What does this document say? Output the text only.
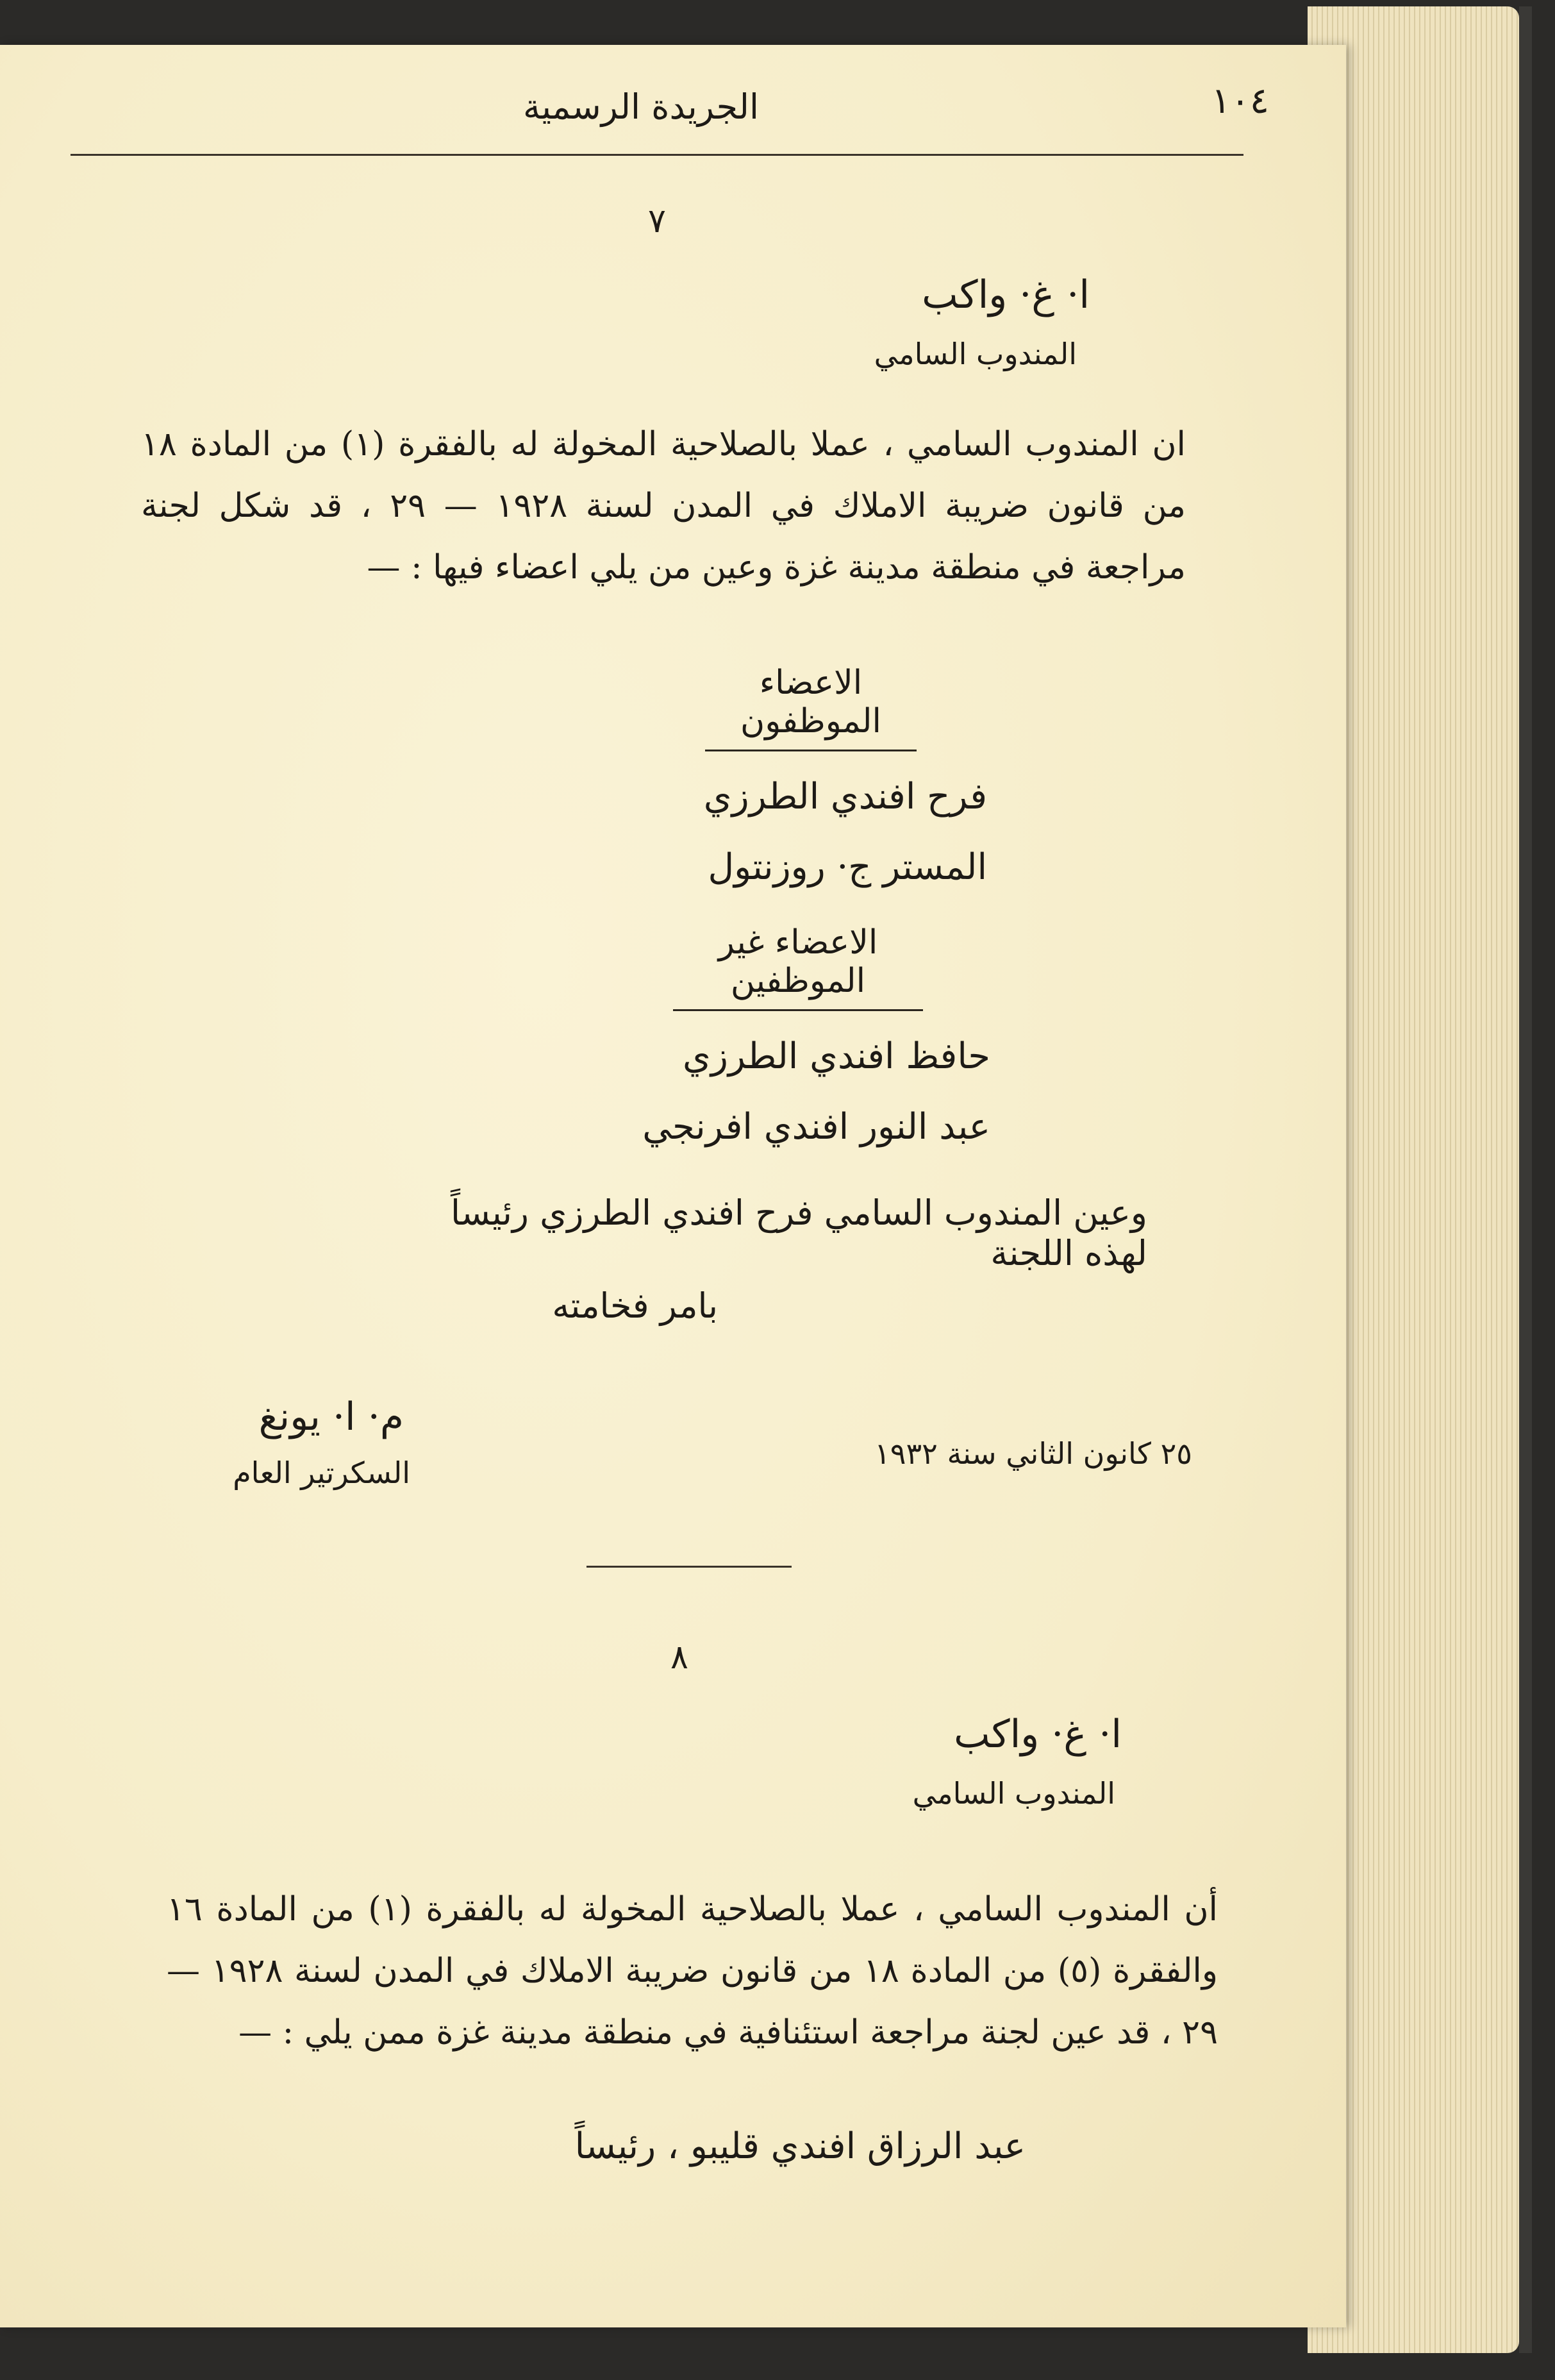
الجريدة الرسمية	١٠٤
٧
ا· غ· واكب
المندوب السامي
ان المندوب السامي ، عملا بالصلاحية المخولة له بالفقرة (١) من المادة ١٨ من قانون ضريبة الاملاك في المدن لسنة ١٩٢٨ — ٢٩ ، قد شكل لجنة مراجعة في منطقة مدينة غزة وعين من يلي اعضاء فيها : —
الاعضاء الموظفون
فرح افندي الطرزي
المستر ج· روزنتول
الاعضاء غير الموظفين
حافظ افندي الطرزي
عبد النور افندي افرنجي
وعين المندوب السامي فرح افندي الطرزي رئيساً لهذه اللجنة
بامر فخامته
٢٥ كانون الثاني سنة ١٩٣٢
م· ا· يونغ
السكرتير العام
٨
ا· غ· واكب
المندوب السامي
أن المندوب السامي ، عملا بالصلاحية المخولة له بالفقرة (١) من المادة ١٦ والفقرة (٥) من المادة ١٨ من قانون ضريبة الاملاك في المدن لسنة ١٩٢٨ — ٢٩ ، قد عين لجنة مراجعة استئنافية في منطقة مدينة غزة ممن يلي : —
عبد الرزاق افندي قليبو ، رئيساً
